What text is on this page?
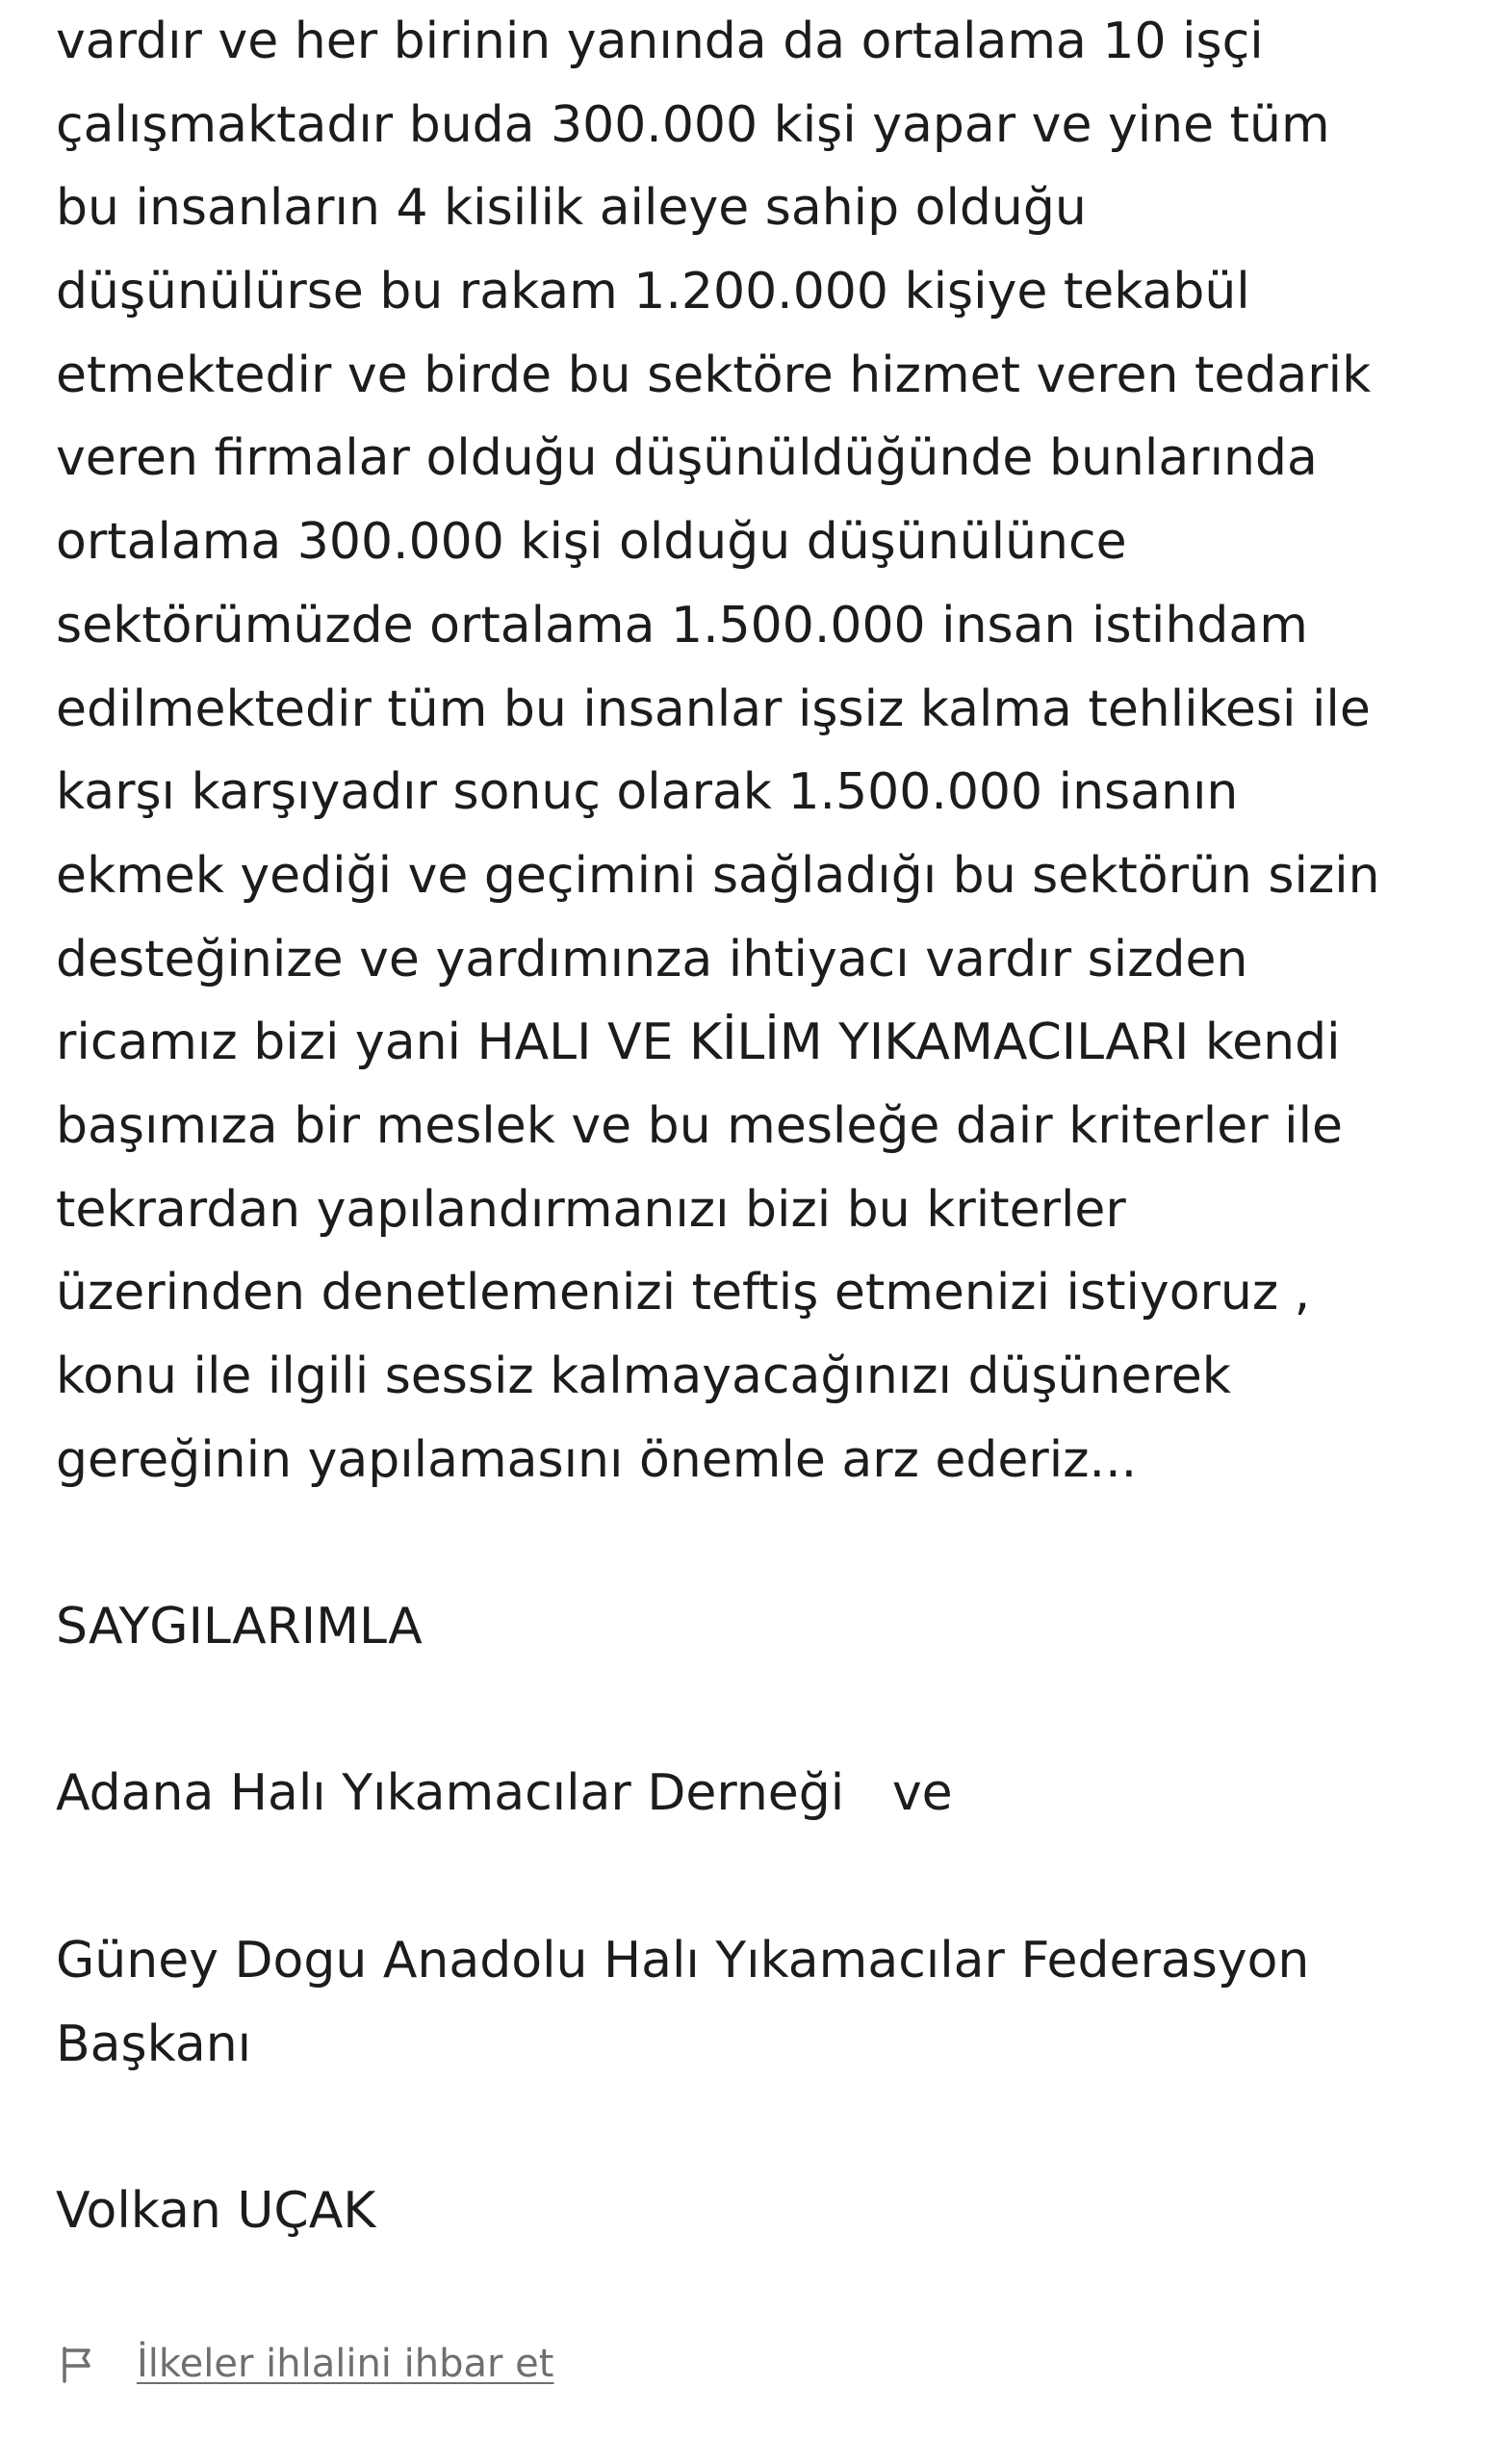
vardır ve her birinin yanında da ortalama 10 işçi
çalışmaktadır buda 300.000 kişi yapar ve yine tüm
bu insanların 4 kisilik aileye sahip olduğu
düşünülürse bu rakam 1.200.000 kişiye tekabül
etmektedir ve birde bu sektöre hizmet veren tedarik
veren firmalar olduğu düşünüldüğünde bunlarında
ortalama 300.000 kişi olduğu düşünülünce
sektörümüzde ortalama 1.500.000 insan istihdam
edilmektedir tüm bu insanlar işsiz kalma tehlikesi ile
karşı karşıyadır sonuç olarak 1.500.000 insanın
ekmek yediği ve geçimini sağladığı bu sektörün sizin
desteğinize ve yardımınza ihtiyacı vardır sizden
ricamız bizi yani HALI VE KİLİM YIKAMACILARI kendi
başımıza bir meslek ve bu mesleğe dair kriterler ile
tekrardan yapılandırmanızı bizi bu kriterler
üzerinden denetlemenizi teftiş etmenizi istiyoruz ,
konu ile ilgili sessiz kalmayacağınızı düşünerek
gereğinin yapılamasını önemle arz ederiz...
SAYGILARIMLA
Adana Halı Yıkamacılar Derneği   ve
Güney Dogu Anadolu Halı Yıkamacılar Federasyon
Başkanı
Volkan UÇAK
İlkeler ihlalini ihbar et
